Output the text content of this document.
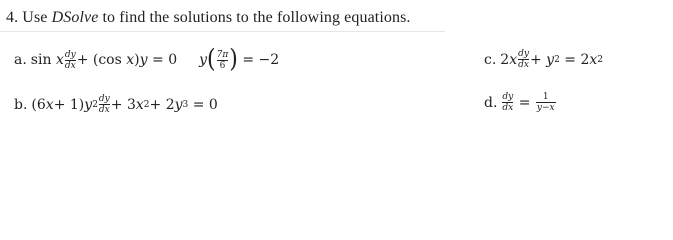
4. Use DSolve to find the solutions to the following equations.
a. sin
x $\frac{dy}{dx} + (\cos$
x ) y
= 0 y ( 7π
6 )
= −2
b. (6 x + 1) y $2 \frac{dy}{dx} + 3$ x 2 + 2 y 3
= 0
c. 2 x $\frac{dy}{dx}$ +
y 2
= 2 x 2
d. $\frac{dy}{dx}$
=
$\frac{1}{y-x}$
